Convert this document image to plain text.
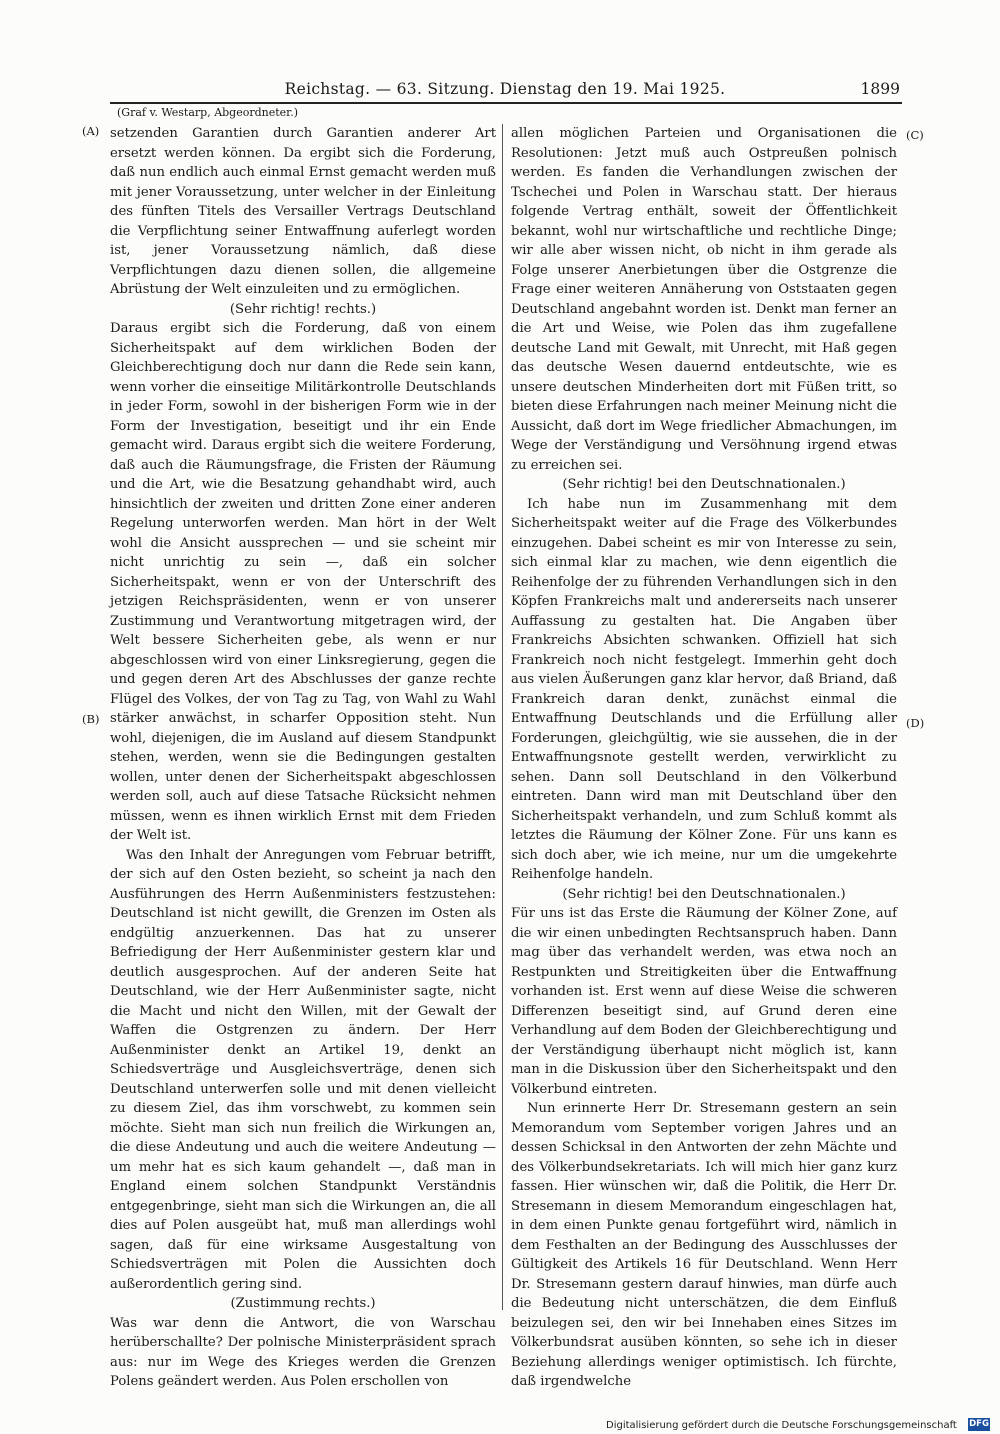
Reichstag. — 63. Sitzung. Dienstag den 19. Mai 1925.	1899
(Graf v. Westarp, Abgeordneter.)
(A)
(B)
(C)
(D)

setzenden Garantien durch Garantien anderer Art ersetzt werden können. Da ergibt sich die Forderung, daß nun endlich auch einmal Ernst gemacht werden muß mit jener Voraussetzung, unter welcher in der Einleitung des fünften Titels des Versailler Vertrags Deutschland die Verpflichtung seiner Entwaffnung auferlegt worden ist, jener Voraussetzung nämlich, daß diese Verpflichtungen dazu dienen sollen, die allgemeine Abrüstung der Welt einzuleiten und zu ermöglichen.

(Sehr richtig! rechts.)

Daraus ergibt sich die Forderung, daß von einem Sicherheitspakt auf dem wirklichen Boden der Gleichberechtigung doch nur dann die Rede sein kann, wenn vorher die einseitige Militärkontrolle Deutschlands in jeder Form, sowohl in der bisherigen Form wie in der Form der Investigation, beseitigt und ihr ein Ende gemacht wird. Daraus ergibt sich die weitere Forderung, daß auch die Räumungsfrage, die Fristen der Räumung und die Art, wie die Besatzung gehandhabt wird, auch hinsichtlich der zweiten und dritten Zone einer anderen Regelung unterworfen werden. Man hört in der Welt wohl die Ansicht aussprechen — und sie scheint mir nicht unrichtig zu sein —, daß ein solcher Sicherheitspakt, wenn er von der Unterschrift des jetzigen Reichspräsidenten, wenn er von unserer Zustimmung und Verantwortung mitgetragen wird, der Welt bessere Sicherheiten gebe, als wenn er nur abgeschlossen wird von einer Linksregierung, gegen die und gegen deren Art des Abschlusses der ganze rechte Flügel des Volkes, der von Tag zu Tag, von Wahl zu Wahl stärker anwächst, in scharfer Opposition steht. Nun wohl, diejenigen, die im Ausland auf diesem Standpunkt stehen, werden, wenn sie die Bedingungen gestalten wollen, unter denen der Sicherheitspakt abgeschlossen werden soll, auch auf diese Tatsache Rücksicht nehmen müssen, wenn es ihnen wirklich Ernst mit dem Frieden der Welt ist.

Was den Inhalt der Anregungen vom Februar betrifft, der sich auf den Osten bezieht, so scheint ja nach den Ausführungen des Herrn Außenministers festzustehen: Deutschland ist nicht gewillt, die Grenzen im Osten als endgültig anzuerkennen. Das hat zu unserer Befriedigung der Herr Außenminister gestern klar und deutlich ausgesprochen. Auf der anderen Seite hat Deutschland, wie der Herr Außenminister sagte, nicht die Macht und nicht den Willen, mit der Gewalt der Waffen die Ostgrenzen zu ändern. Der Herr Außenminister denkt an Artikel 19, denkt an Schiedsverträge und Ausgleichsverträge, denen sich Deutschland unterwerfen solle und mit denen vielleicht zu diesem Ziel, das ihm vorschwebt, zu kommen sein möchte. Sieht man sich nun freilich die Wirkungen an, die diese Andeutung und auch die weitere Andeutung — um mehr hat es sich kaum gehandelt —, daß man in England einem solchen Standpunkt Verständnis entgegenbringe, sieht man sich die Wirkungen an, die all dies auf Polen ausgeübt hat, muß man allerdings wohl sagen, daß für eine wirksame Ausgestaltung von Schiedsverträgen mit Polen die Aussichten doch außerordentlich gering sind.

(Zustimmung rechts.)

Was war denn die Antwort, die von Warschau herüberschallte? Der polnische Ministerpräsident sprach aus: nur im Wege des Krieges werden die Grenzen Polens geändert werden. Aus Polen erschollen von

allen möglichen Parteien und Organisationen die Resolutionen: Jetzt muß auch Ostpreußen polnisch werden. Es fanden die Verhandlungen zwischen der Tschechei und Polen in Warschau statt. Der hieraus folgende Vertrag enthält, soweit der Öffentlichkeit bekannt, wohl nur wirtschaftliche und rechtliche Dinge; wir alle aber wissen nicht, ob nicht in ihm gerade als Folge unserer Anerbietungen über die Ostgrenze die Frage einer weiteren Annäherung von Oststaaten gegen Deutschland angebahnt worden ist. Denkt man ferner an die Art und Weise, wie Polen das ihm zugefallene deutsche Land mit Gewalt, mit Unrecht, mit Haß gegen das deutsche Wesen dauernd entdeutschte, wie es unsere deutschen Minderheiten dort mit Füßen tritt, so bieten diese Erfahrungen nach meiner Meinung nicht die Aussicht, daß dort im Wege friedlicher Abmachungen, im Wege der Verständigung und Versöhnung irgend etwas zu erreichen sei.

(Sehr richtig! bei den Deutschnationalen.)

Ich habe nun im Zusammenhang mit dem Sicherheitspakt weiter auf die Frage des Völkerbundes einzugehen. Dabei scheint es mir von Interesse zu sein, sich einmal klar zu machen, wie denn eigentlich die Reihenfolge der zu führenden Verhandlungen sich in den Köpfen Frankreichs malt und andererseits nach unserer Auffassung zu gestalten hat. Die Angaben über Frankreichs Absichten schwanken. Offiziell hat sich Frankreich noch nicht festgelegt. Immerhin geht doch aus vielen Äußerungen ganz klar hervor, daß Briand, daß Frankreich daran denkt, zunächst einmal die Entwaffnung Deutschlands und die Erfüllung aller Forderungen, gleichgültig, wie sie aussehen, die in der Entwaffnungsnote gestellt werden, verwirklicht zu sehen. Dann soll Deutschland in den Völkerbund eintreten. Dann wird man mit Deutschland über den Sicherheitspakt verhandeln, und zum Schluß kommt als letztes die Räumung der Kölner Zone. Für uns kann es sich doch aber, wie ich meine, nur um die umgekehrte Reihenfolge handeln.

(Sehr richtig! bei den Deutschnationalen.)

Für uns ist das Erste die Räumung der Kölner Zone, auf die wir einen unbedingten Rechtsanspruch haben. Dann mag über das verhandelt werden, was etwa noch an Restpunkten und Streitigkeiten über die Entwaffnung vorhanden ist. Erst wenn auf diese Weise die schweren Differenzen beseitigt sind, auf Grund deren eine Verhandlung auf dem Boden der Gleichberechtigung und der Verständigung überhaupt nicht möglich ist, kann man in die Diskussion über den Sicherheitspakt und den Völkerbund eintreten.

Nun erinnerte Herr Dr. Stresemann gestern an sein Memorandum vom September vorigen Jahres und an dessen Schicksal in den Antworten der zehn Mächte und des Völkerbundsekretariats. Ich will mich hier ganz kurz fassen. Hier wünschen wir, daß die Politik, die Herr Dr. Stresemann in diesem Memorandum eingeschlagen hat, in dem einen Punkte genau fortgeführt wird, nämlich in dem Festhalten an der Bedingung des Ausschlusses der Gültigkeit des Artikels 16 für Deutschland. Wenn Herr Dr. Stresemann gestern darauf hinwies, man dürfe auch die Bedeutung nicht unterschätzen, die dem Einfluß beizulegen sei, den wir bei Innehaben eines Sitzes im Völkerbundsrat ausüben könnten, so sehe ich in dieser Beziehung allerdings weniger optimistisch. Ich fürchte, daß irgendwelche

Digitalisierung gefördert durch die Deutsche Forschungsgemeinschaft DFG
